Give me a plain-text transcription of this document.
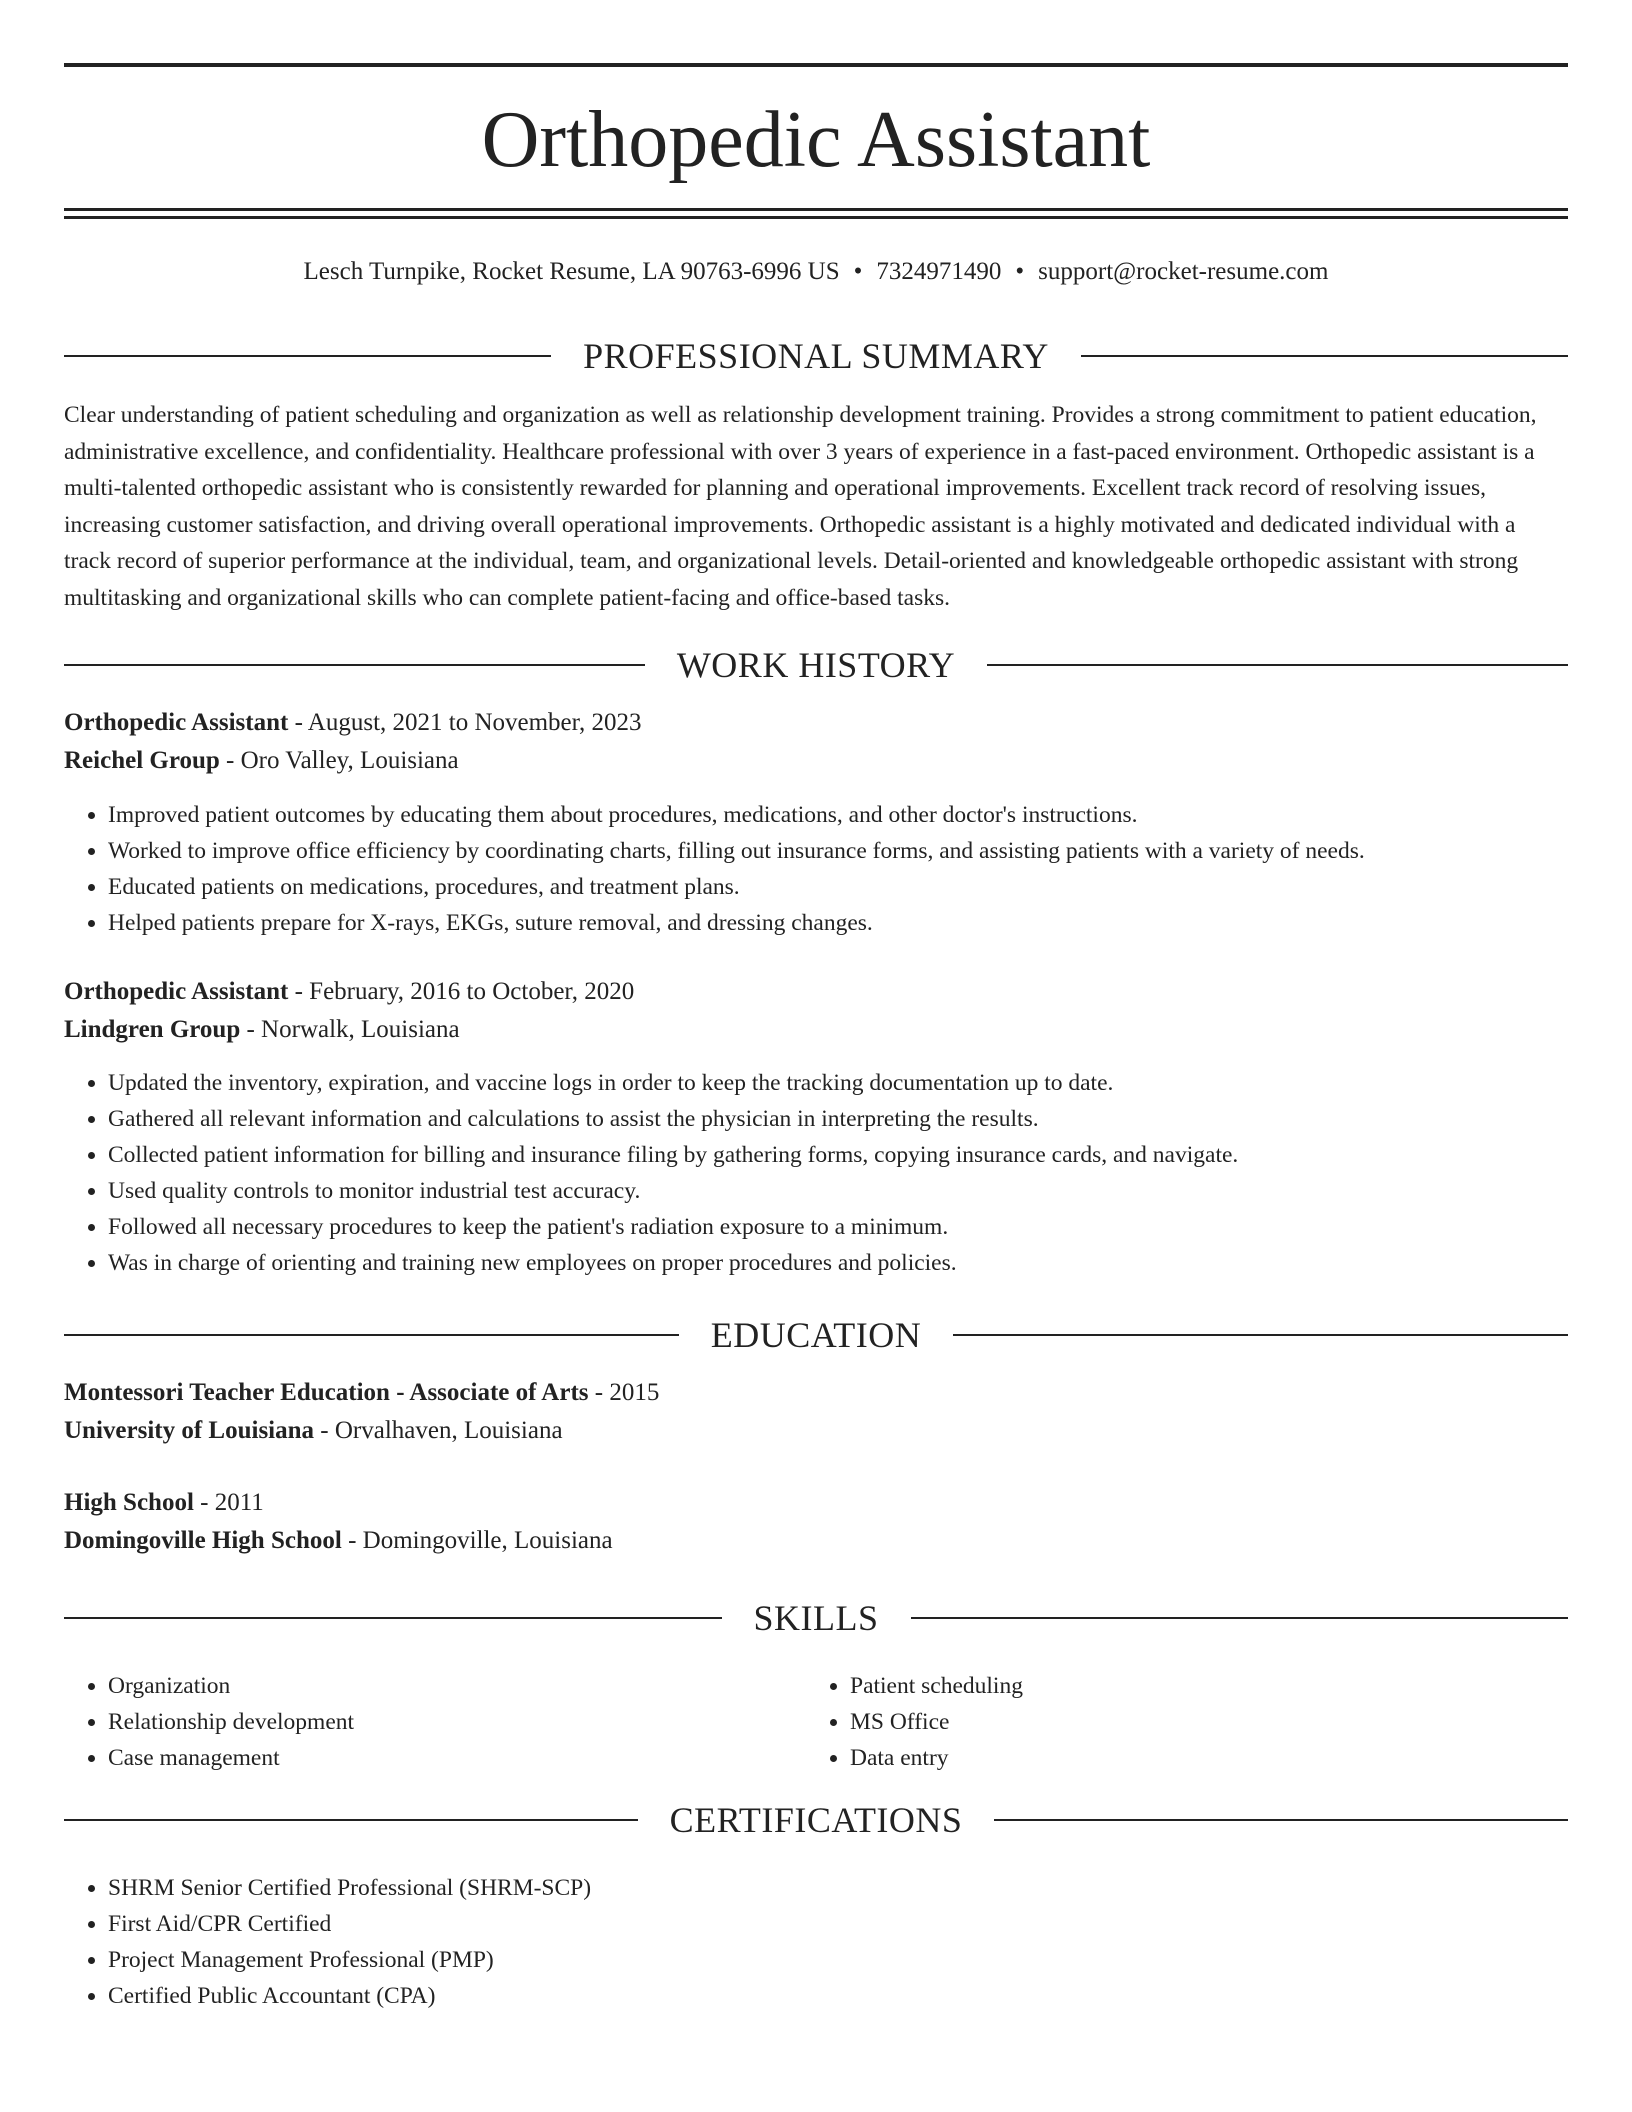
Orthopedic Assistant
Lesch Turnpike, Rocket Resume, LA 90763-6996 US • 7324971490 • support@rocket-resume.com
PROFESSIONAL SUMMARY

Clear understanding of patient scheduling and organization as well as relationship development training. Provides a strong commitment to patient education, administrative excellence, and confidentiality. Healthcare professional with over 3 years of experience in a fast-paced environment. Orthopedic assistant is a multi-talented orthopedic assistant who is consistently rewarded for planning and operational improvements. Excellent track record of resolving issues, increasing customer satisfaction, and driving overall operational improvements. Orthopedic assistant is a highly motivated and dedicated individual with a track record of superior performance at the individual, team, and organizational levels. Detail-oriented and knowledgeable orthopedic assistant with strong multitasking and organizational skills who can complete patient-facing and office-based tasks.

WORK HISTORY
Orthopedic Assistant - August, 2021 to November, 2023
Reichel Group - Oro Valley, Louisiana
• Improved patient outcomes by educating them about procedures, medications, and other doctor's instructions.
• Worked to improve office efficiency by coordinating charts, filling out insurance forms, and assisting patients with a variety of needs.
• Educated patients on medications, procedures, and treatment plans.
• Helped patients prepare for X-rays, EKGs, suture removal, and dressing changes.
Orthopedic Assistant - February, 2016 to October, 2020
Lindgren Group - Norwalk, Louisiana
• Updated the inventory, expiration, and vaccine logs in order to keep the tracking documentation up to date.
• Gathered all relevant information and calculations to assist the physician in interpreting the results.
• Collected patient information for billing and insurance filing by gathering forms, copying insurance cards, and navigate.
• Used quality controls to monitor industrial test accuracy.
• Followed all necessary procedures to keep the patient's radiation exposure to a minimum.
• Was in charge of orienting and training new employees on proper procedures and policies.
EDUCATION
Montessori Teacher Education - Associate of Arts - 2015
University of Louisiana - Orvalhaven, Louisiana
High School - 2011
Domingoville High School - Domingoville, Louisiana
SKILLS
• Organization
• Relationship development
• Case management
• Patient scheduling
• MS Office
• Data entry
CERTIFICATIONS
• SHRM Senior Certified Professional (SHRM-SCP)
• First Aid/CPR Certified
• Project Management Professional (PMP)
• Certified Public Accountant (CPA)
